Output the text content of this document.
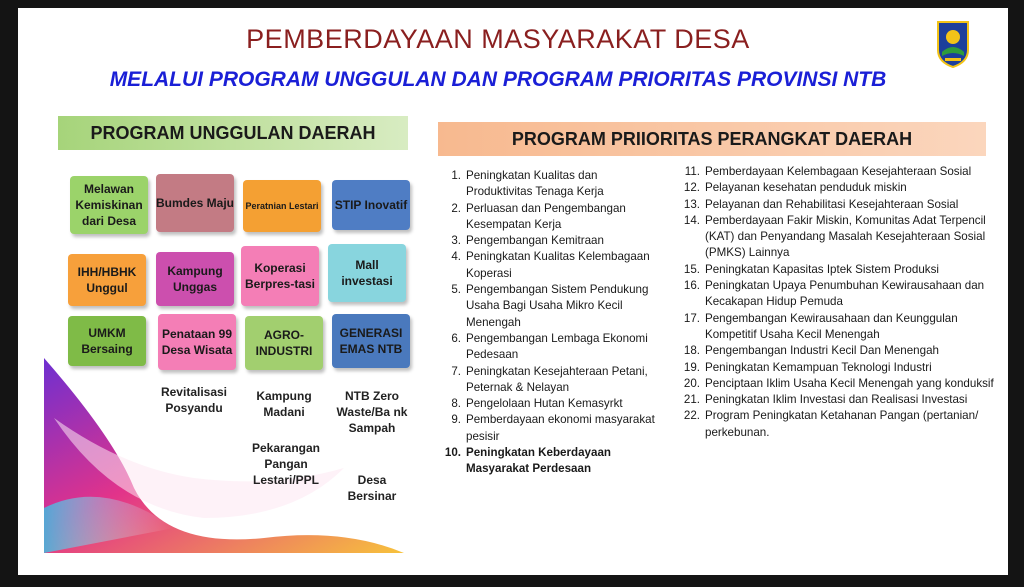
PEMBERDAYAAN MASYARAKAT DESA
MELALUI PROGRAM UNGGULAN DAN PROGRAM PRIORITAS PROVINSI NTB
PROGRAM UNGGULAN DAERAH	PROGRAM PRIIORITAS PERANGKAT DAERAH
Melawan Kemiskinan dari Desa
Bumdes Maju Peratnian Lestari STIP Inovatif
IHH/HBHK Unggul
Kampung Unggas
Koperasi Berpres-tasi
Mall investasi
UMKM Bersaing
Penataan 99 Desa Wisata
AGRO-INDUSTRI
GENERASI EMAS NTB
Revitalisasi Posyandu
Kampung Madani
NTB Zero Waste/Ba nk Sampah
Pekarangan Pangan Lestari/PPL	Desa Bersinar
1. Peningkatan Kualitas dan Produktivitas Tenaga Kerja
2. Perluasan dan Pengembangan Kesempatan Kerja
3. Pengembangan Kemitraan
4. Peningkatan Kualitas Kelembagaan Koperasi
5. Pengembangan Sistem Pendukung Usaha Bagi Usaha Mikro Kecil Menengah
6. Pengembangan Lembaga Ekonomi Pedesaan
7. Peningkatan Kesejahteraan Petani, Peternak & Nelayan
8. Pengelolaan Hutan Kemasyrkt
9. Pemberdayaan ekonomi masyarakat pesisir
10. Peningkatan Keberdayaan Masyarakat Perdesaan
11. Pemberdayaan Kelembagaan Kesejahteraan Sosial
12. Pelayanan kesehatan penduduk miskin
13. Pelayanan dan Rehabilitasi Kesejahteraan Sosial
14. Pemberdayaan Fakir Miskin, Komunitas Adat Terpencil (KAT) dan Penyandang Masalah Kesejahteraan Sosial (PMKS) Lainnya
15. Peningkatan Kapasitas Iptek Sistem Produksi
16. Peningkatan Upaya Penumbuhan Kewirausahaan dan Kecakapan Hidup Pemuda
17. Pengembangan Kewirausahaan dan Keunggulan Kompetitif Usaha Kecil Menengah
18. Pengembangan Industri Kecil Dan Menengah
19. Peningkatan Kemampuan Teknologi Industri
20. Penciptaan Iklim Usaha Kecil Menengah yang konduksif
21. Peningkatan Iklim Investasi dan Realisasi Investasi
22. Program Peningkatan Ketahanan Pangan (pertanian/ perkebunan.
